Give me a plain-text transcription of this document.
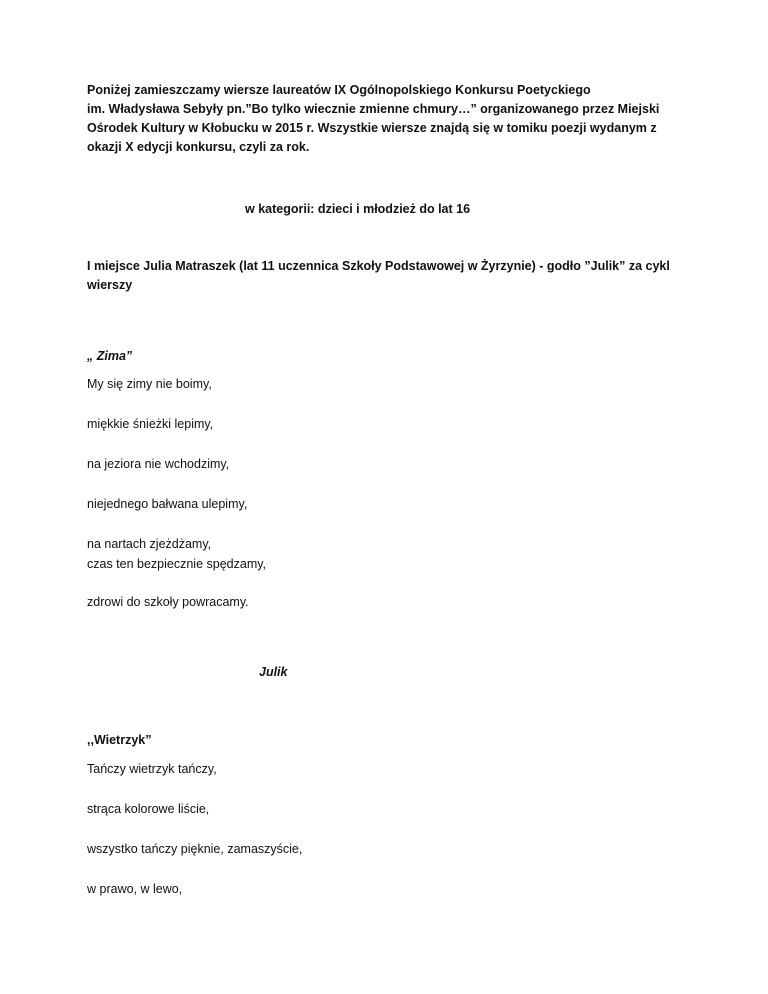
Poniżej zamieszczamy wiersze laureatów IX Ogólnopolskiego Konkursu Poetyckiego
im. Władysława Sebyły pn.”Bo tylko wiecznie zmienne chmury…” organizowanego przez Miejski
Ośrodek Kultury w Kłobucku w 2015 r. Wszystkie wiersze znajdą się w tomiku poezji wydanym z
okazji X edycji konkursu, czyli za rok.
w kategorii: dzieci i młodzież do lat 16
I miejsce Julia Matraszek (lat 11 uczennica Szkoły Podstawowej w Żyrzynie) - godło ”Julik” za cykl
wierszy
„ Zima”
My się zimy nie boimy,
miękkie śnieżki lepimy,
na jeziora nie wchodzimy,
niejednego bałwana ulepimy,
na nartach zjeżdżamy,
czas ten bezpiecznie spędzamy,
zdrowi do szkoły powracamy.
Julik
,,Wietrzyk”
Tańczy wietrzyk tańczy,
strąca kolorowe liście,
wszystko tańczy pięknie, zamaszyście,
w prawo, w lewo,
